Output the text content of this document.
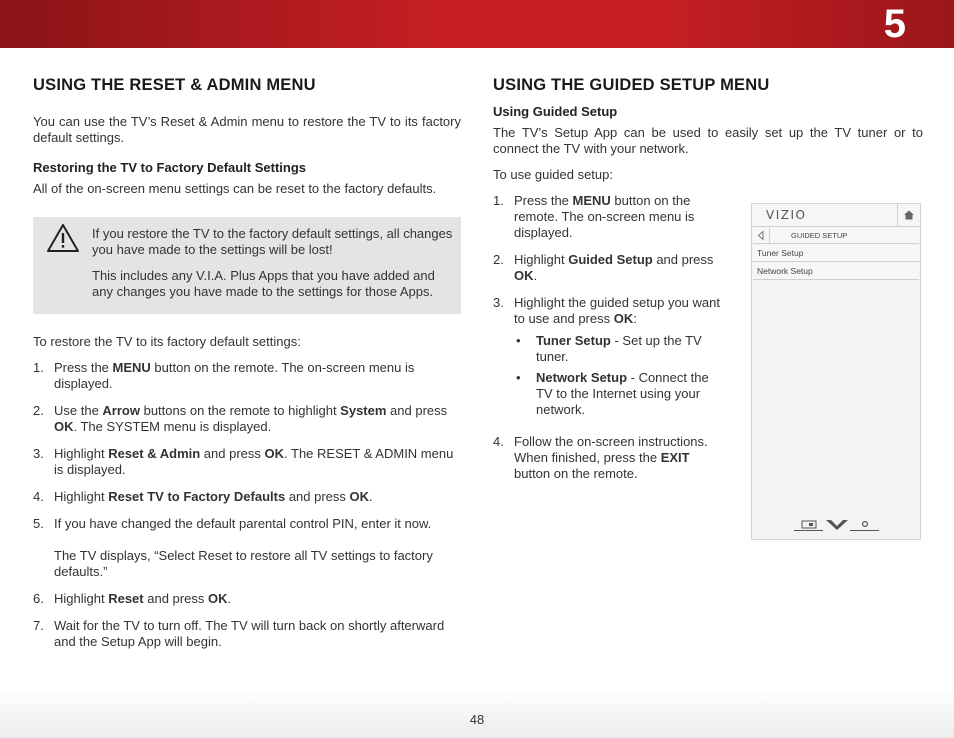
5
USING THE RESET & ADMIN MENU

You can use the TV’s Reset & Admin menu to restore the TV to its factory default settings.

Restoring the TV to Factory Default Settings

All of the on-screen menu settings can be reset to the factory defaults.

If you restore the TV to the factory default settings, all changes you have made to the settings will be lost!

This includes any V.I.A. Plus Apps that you have added and any changes you have made to the settings for those Apps.

To restore the TV to its factory default settings:

1. Press the MENU button on the remote. The on-screen menu is displayed.
2. Use the Arrow buttons on the remote to highlight System and press OK. The SYSTEM menu is displayed.
3. Highlight Reset & Admin and press OK. The RESET & ADMIN menu is displayed.
4. Highlight Reset TV to Factory Defaults and press OK.
5. If you have changed the default parental control PIN, enter it now.
The TV displays, “Select Reset to restore all TV settings to factory defaults.”
6. Highlight Reset and press OK.
7. Wait for the TV to turn off. The TV will turn back on shortly afterward and the Setup App will begin.
USING THE GUIDED SETUP MENU
Using Guided Setup

The TV’s Setup App can be used to easily set up the TV tuner or to connect the TV with your network.

To use guided setup:

1. Press the MENU button on the remote. The on-screen menu is displayed.
2. Highlight Guided Setup and press OK.
3. Highlight the guided setup you want to use and press OK:
• Tuner Setup - Set up the TV tuner.
• Network Setup - Connect the TV to the Internet using your network.
4. Follow the on-screen instructions. When finished, press the EXIT button on the remote.
VIZIO
GUIDED SETUP
Tuner Setup
Network Setup
48
